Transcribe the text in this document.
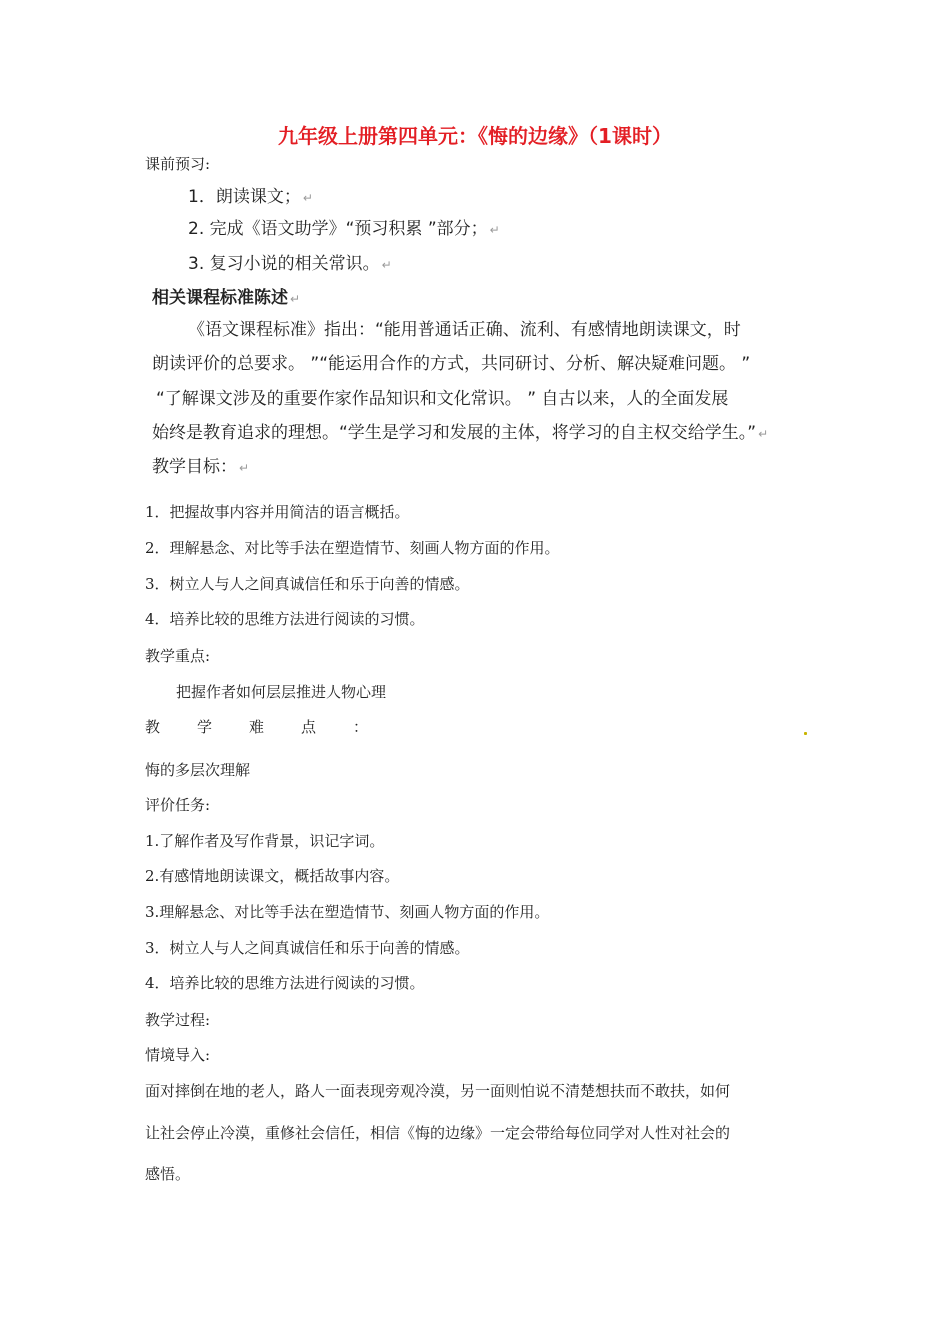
九年级上册第四单元：《悔的边缘》（1课时）
课前预习:
1．朗读课文； ↵
2. 完成《语文助学》“预习积累 ”部分； ↵
3. 复习小说的相关常识。 ↵
相关课程标准陈述 ↵
《语文课程标准》指出：“能用普通话正确、流利、有感情地朗读课文，时
朗读评价的总要求。 ”“能运用合作的方式，共同研讨、分析、解决疑难问题。 ”
“了解课文涉及的重要作家作品知识和文化常识。 ” 自古以来，人的全面发展
始终是教育追求的理想。“学生是学习和发展的主体，将学习的自主权交给学生。” ↵
教学目标： ↵
1．把握故事内容并用简洁的语言概括。
2．理解悬念、对比等手法在塑造情节、刻画人物方面的作用。
3．树立人与人之间真诚信任和乐于向善的情感。
4．培养比较的思维方法进行阅读的习惯。
教学重点:
把握作者如何层层推进人物心理
教 学 难 点 ：
悔的多层次理解
评价任务:
1.了解作者及写作背景，识记字词。
2.有感情地朗读课文，概括故事内容。
3.理解悬念、对比等手法在塑造情节、刻画人物方面的作用。
3．树立人与人之间真诚信任和乐于向善的情感。
4．培养比较的思维方法进行阅读的习惯。
教学过程:
情境导入:
面对摔倒在地的老人，路人一面表现旁观冷漠，另一面则怕说不清楚想扶而不敢扶，如何
让社会停止冷漠，重修社会信任，相信《悔的边缘》一定会带给每位同学对人性对社会的
感悟。
